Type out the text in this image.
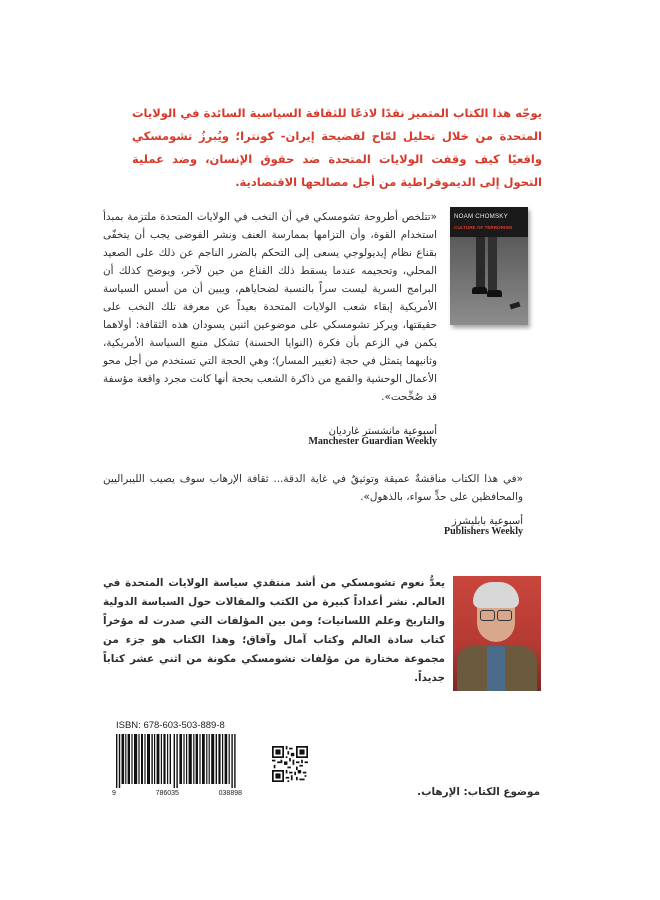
يوجّه هذا الكتاب المتميز نقدًا لاذعًا للثقافة السياسية السائدة في الولايات المتحدة من خلال تحليل لمّاح لفضيحة إيران- كونترا؛ ويُبرزُ تشومسكي واقعيًا كيف وقفت الولايات المتحدة ضد حقوق الإنسان، وضد عملية التحول إلى الديموقراطية من أجل مصالحها الاقتصادية.
NOAM CHOMSKY
CULTURE OF TERRORISM

«تتلخص أطروحة تشومسكي في أن النخب في الولايات المتحدة ملتزمة بمبدأ استخدام القوة، وأن التزامها بممارسة العنف ونشر الفوضى يجب أن يتخفّى بقناع نظام إيديولوجي يسعى إلى التحكم بالضرر الناجم عن ذلك على الصعيد المحلي، وتحجيمه عندما يسقط ذلك القناع من حين لآخر، ويوضح كذلك أن البرامج السرية ليست سراً بالنسبة لضحاياهم، ويبين أن من أسس السياسة الأمريكية إبقاء شعب الولايات المتحدة بعيداً عن معرفة تلك النخب على حقيقتها، ويركز تشومسكي على موضوعين اثنين يسودان هذه الثقافة: أولاهما يكمن في الزعم بأن فكرة (النوايا الحسنة) تشكل منبع السياسة الأمريكية، وثانيهما يتمثل في حجة (تغيير المسار)؛ وهي الحجة التي تستخدم من أجل محو الأعمال الوحشية والقمع من ذاكرة الشعب بحجة أنها كانت مجرد واقعة مؤسفة قد صُحِّحت».

أسبوعية مانشستر غارديان
Manchester Guardian Weekly

«في هذا الكتاب مناقشةٌ عميقة وتوثيقٌ في غاية الدقة... ثقافة الإرهاب سوف يصيب الليبراليين والمحافظين على حدٍّ سواء، بالذهول».

أسبوعية بابليشرز
Publishers Weekly
يعدُّ نعوم تشومسكي من أشد منتقدي سياسة الولايات المتحدة في العالم. نشر أعداداً كبيرة من الكتب والمقالات حول السياسة الدولية والتاريخ وعلم اللسانيات؛ ومن بين المؤلفات التي صدرت له مؤخراً كتاب سادة العالم وكتاب آمال وآفاق؛ وهذا الكتاب هو جزء من مجموعة مختارة من مؤلفات تشومسكي مكونة من اثني عشر كتاباً جديداً.
ISBN: 678-603-503-889-8
9	786035	038898	موضوع الكتاب: الإرهاب.
